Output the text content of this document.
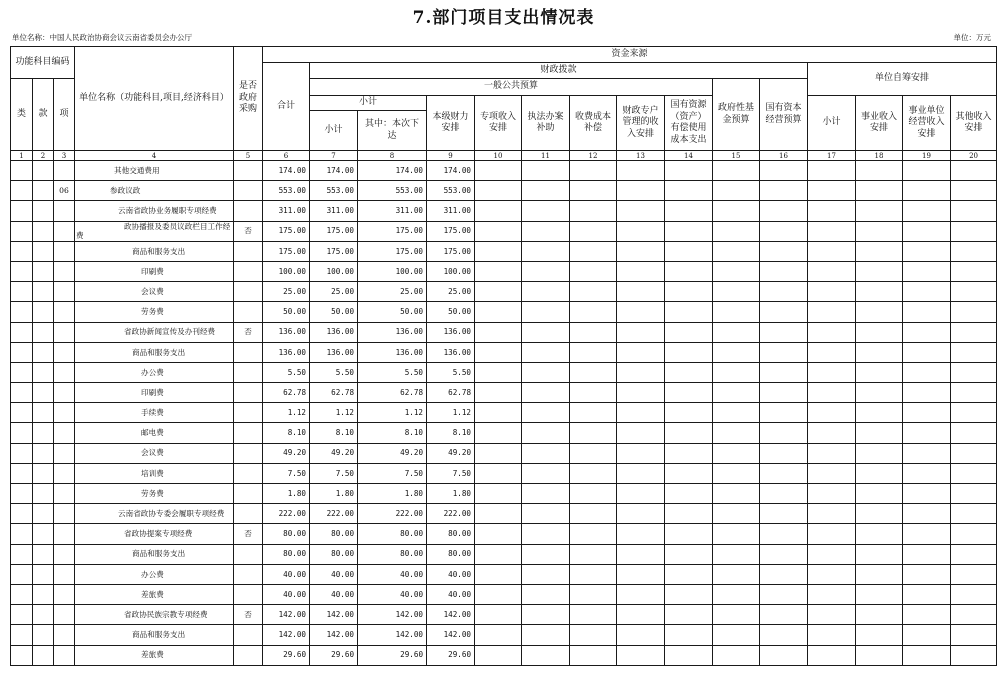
7.部门项目支出情况表
单位名称：中国人民政治协商会议云南省委员会办公厅	单位：万元
功能科目编码			单位名称（功能科目,项目,经济科目）	是否政府采购	资金来源														
					合计	财政拨款										单位自筹安排			
类	款	项				一般公共预算								政府性基金预算	国有资本经营预算				
						小计		本级财力安排	专项收入安排	执法办案补助	收费成本补偿	财政专户管理的收入安排	国有资源（资产）有偿使用成本支出			小计	事业收入安排	事业单位经营收入安排	其他收入安排
						小计	其中：本次下达												
1	2	3	4	5	6	7	8	9	10	11	12	13	14	15	16	17	18	19	20
			其他交通费用		174.00	174.00	174.00	174.00											
		06	参政议政		553.00	553.00	553.00	553.00											
			云南省政协业务履职专项经费		311.00	311.00	311.00	311.00											
			政协播报及委员议政栏目工作经费	否	175.00	175.00	175.00	175.00											
			商品和服务支出		175.00	175.00	175.00	175.00											
			印刷费		100.00	100.00	100.00	100.00											
			会议费		25.00	25.00	25.00	25.00											
			劳务费		50.00	50.00	50.00	50.00											
			省政协新闻宣传及办刊经费	否	136.00	136.00	136.00	136.00											
			商品和服务支出		136.00	136.00	136.00	136.00											
			办公费		5.50	5.50	5.50	5.50											
			印刷费		62.78	62.78	62.78	62.78											
			手续费		1.12	1.12	1.12	1.12											
			邮电费		8.10	8.10	8.10	8.10											
			会议费		49.20	49.20	49.20	49.20											
			培训费		7.50	7.50	7.50	7.50											
			劳务费		1.80	1.80	1.80	1.80											
			云南省政协专委会履职专项经费		222.00	222.00	222.00	222.00											
			省政协提案专项经费	否	80.00	80.00	80.00	80.00											
			商品和服务支出		80.00	80.00	80.00	80.00											
			办公费		40.00	40.00	40.00	40.00											
			差旅费		40.00	40.00	40.00	40.00											
			省政协民族宗教专项经费	否	142.00	142.00	142.00	142.00											
			商品和服务支出		142.00	142.00	142.00	142.00											
			差旅费		29.60	29.60	29.60	29.60											
